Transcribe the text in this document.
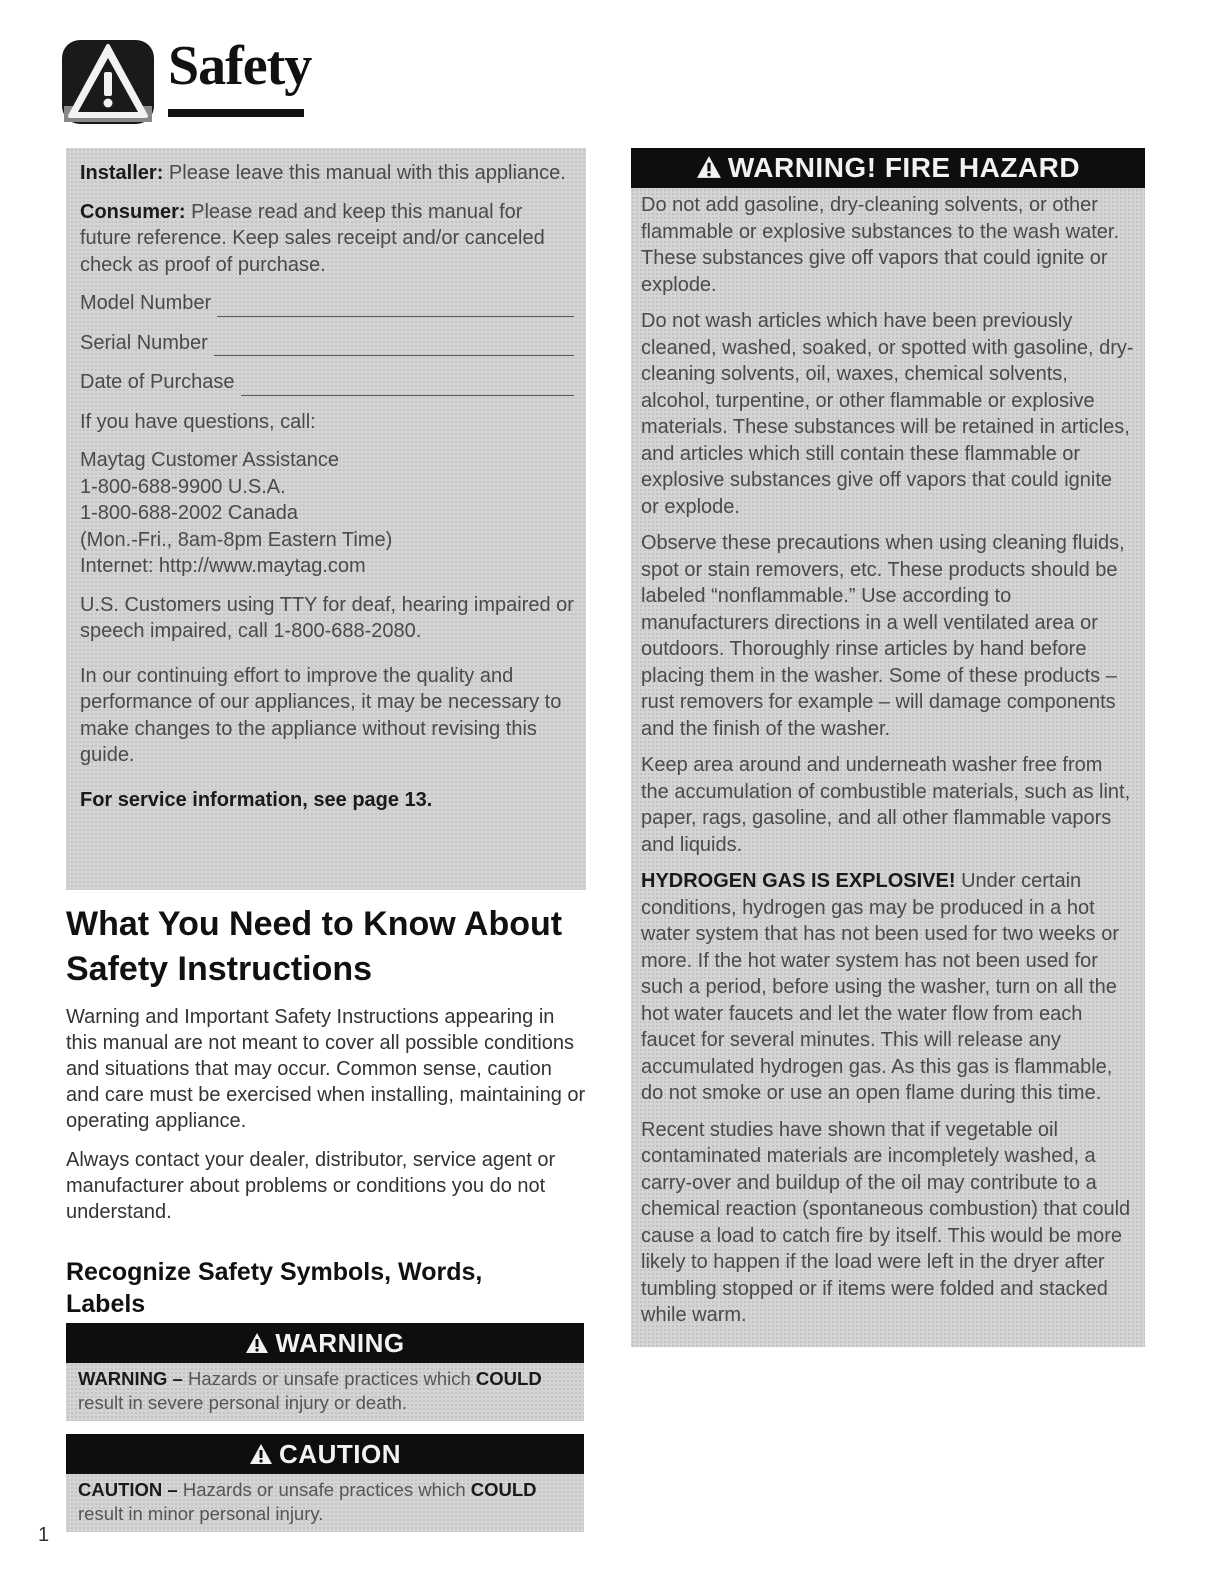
Safety

Installer: Please leave this manual with this appliance.

Consumer: Please read and keep this manual for future reference. Keep sales receipt and/or canceled check as proof of purchase.

Model Number
Serial Number
Date of Purchase

If you have questions, call:

Maytag Customer Assistance
1-800-688-9900 U.S.A.
1-800-688-2002 Canada
(Mon.-Fri., 8am-8pm Eastern Time)
Internet: http://www.maytag.com

U.S. Customers using TTY for deaf, hearing impaired or speech impaired, call 1-800-688-2080.

In our continuing effort to improve the quality and performance of our appliances, it may be necessary to make changes to the appliance without revising this guide.

For service information, see page 13.

What You Need to Know About Safety Instructions

Warning and Important Safety Instructions appearing in this manual are not meant to cover all possible conditions and situations that may occur. Common sense, caution and care must be exercised when installing, maintaining or operating appliance.

Always contact your dealer, distributor, service agent or manufacturer about problems or conditions you do not understand.

Recognize Safety Symbols, Words, Labels
WARNING
WARNING – Hazards or unsafe practices which COULD result in severe personal injury or death.
CAUTION
CAUTION – Hazards or unsafe practices which COULD result in minor personal injury.
WARNING! FIRE HAZARD

Do not add gasoline, dry-cleaning solvents, or other flammable or explosive substances to the wash water. These substances give off vapors that could ignite or explode.

Do not wash articles which have been previously cleaned, washed, soaked, or spotted with gasoline, dry-cleaning solvents, oil, waxes, chemical solvents, alcohol, turpentine, or other flammable or explosive materials. These substances will be retained in articles, and articles which still contain these flammable or explosive substances give off vapors that could ignite or explode.

Observe these precautions when using cleaning fluids, spot or stain removers, etc. These products should be labeled “nonflammable.” Use according to manufacturers directions in a well ventilated area or outdoors. Thoroughly rinse articles by hand before placing them in the washer. Some of these products – rust removers for example – will damage components and the finish of the washer.

Keep area around and underneath washer free from the accumulation of combustible materials, such as lint, paper, rags, gasoline, and all other flammable vapors and liquids.

HYDROGEN GAS IS EXPLOSIVE! Under certain conditions, hydrogen gas may be produced in a hot water system that has not been used for two weeks or more. If the hot water system has not been used for such a period, before using the washer, turn on all the hot water faucets and let the water flow from each faucet for several minutes. This will release any accumulated hydrogen gas. As this gas is flammable, do not smoke or use an open flame during this time.

Recent studies have shown that if vegetable oil contaminated materials are incompletely washed, a carry-over and buildup of the oil may contribute to a chemical reaction (spontaneous combustion) that could cause a load to catch fire by itself. This would be more likely to happen if the load were left in the dryer after tumbling stopped or if items were folded and stacked while warm.

1
